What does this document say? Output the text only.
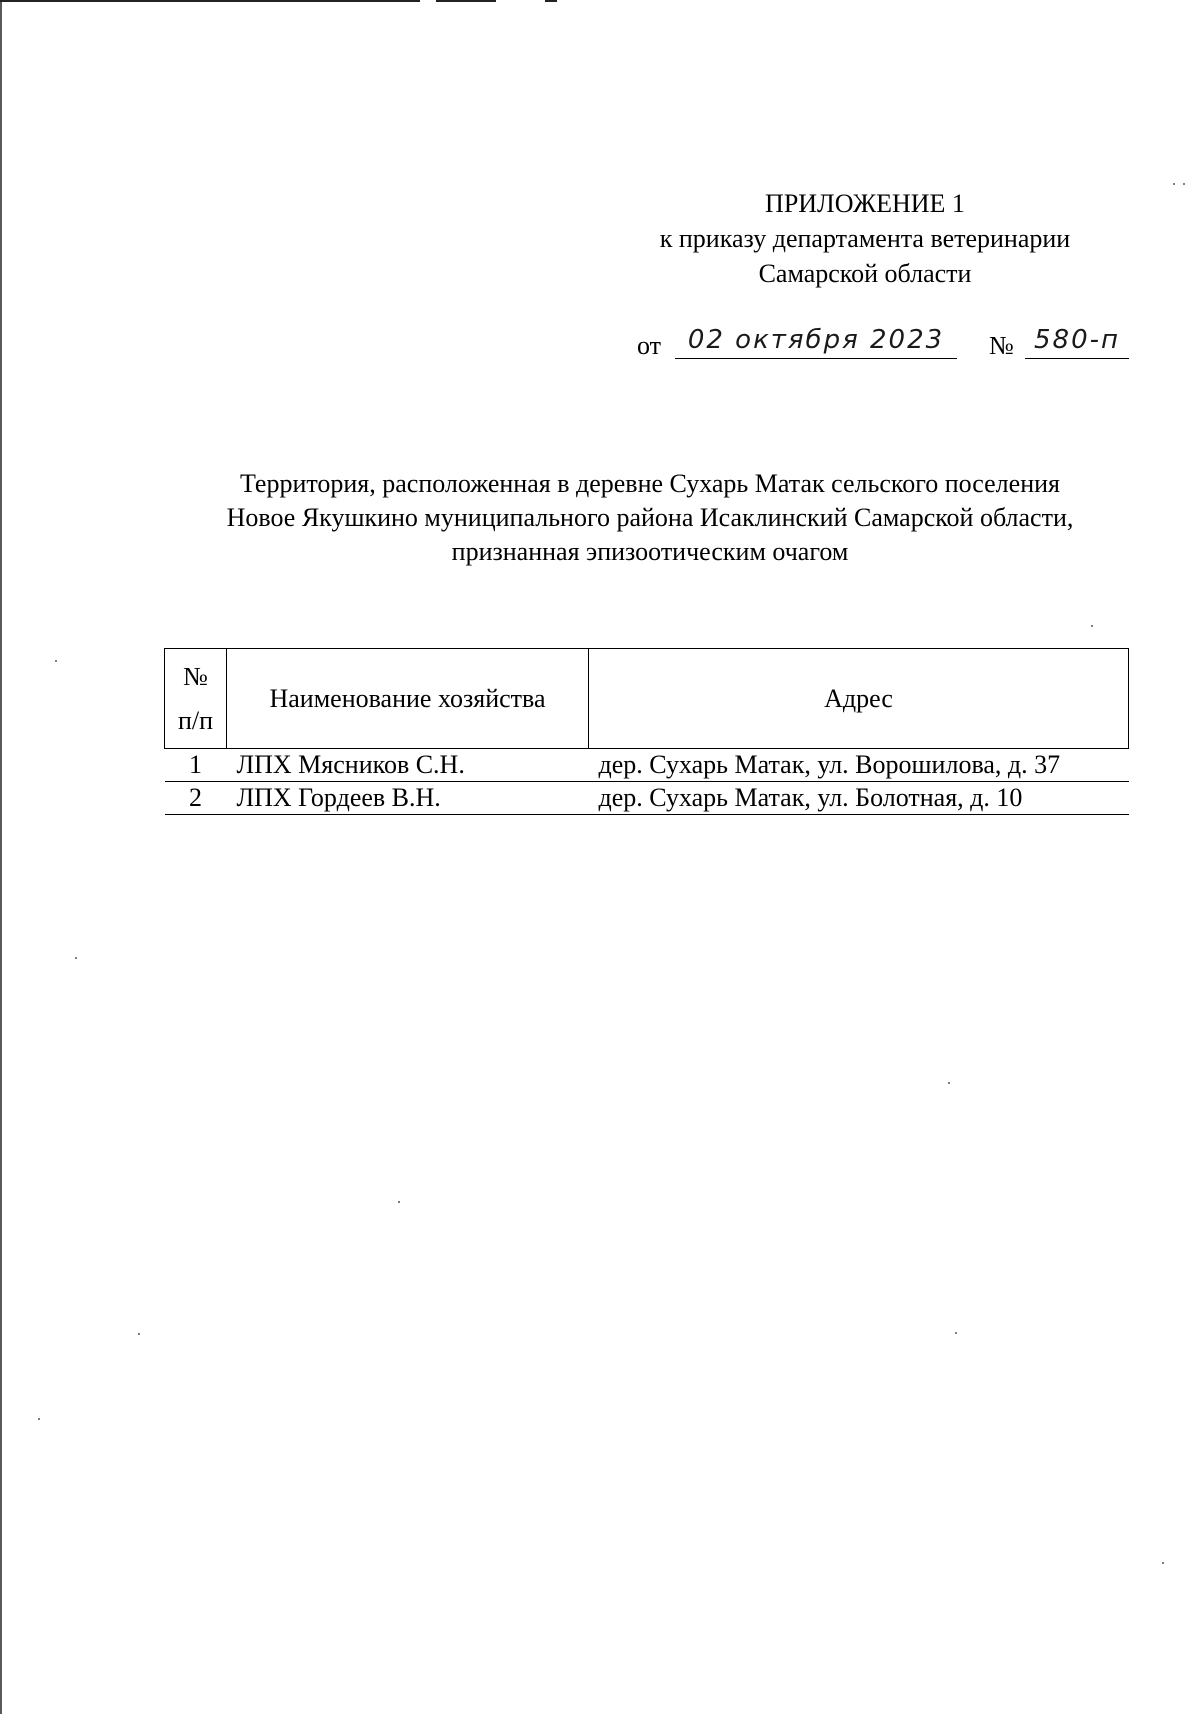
ПРИЛОЖЕНИЕ 1
к приказу департамента ветеринарии
Самарской области
от	02 октября 2023	№ 580-п
Территория, расположенная в деревне Сухарь Матак сельского поселения
Новое Якушкино муниципального района Исаклинский Самарской области,
признанная эпизоотическим очагом
№
п/п	Наименование хозяйства	Адрес
1	ЛПХ Мясников С.Н.	дер. Сухарь Матак, ул. Ворошилова, д. 37
2	ЛПХ Гордеев В.Н.	дер. Сухарь Матак, ул. Болотная, д. 10
